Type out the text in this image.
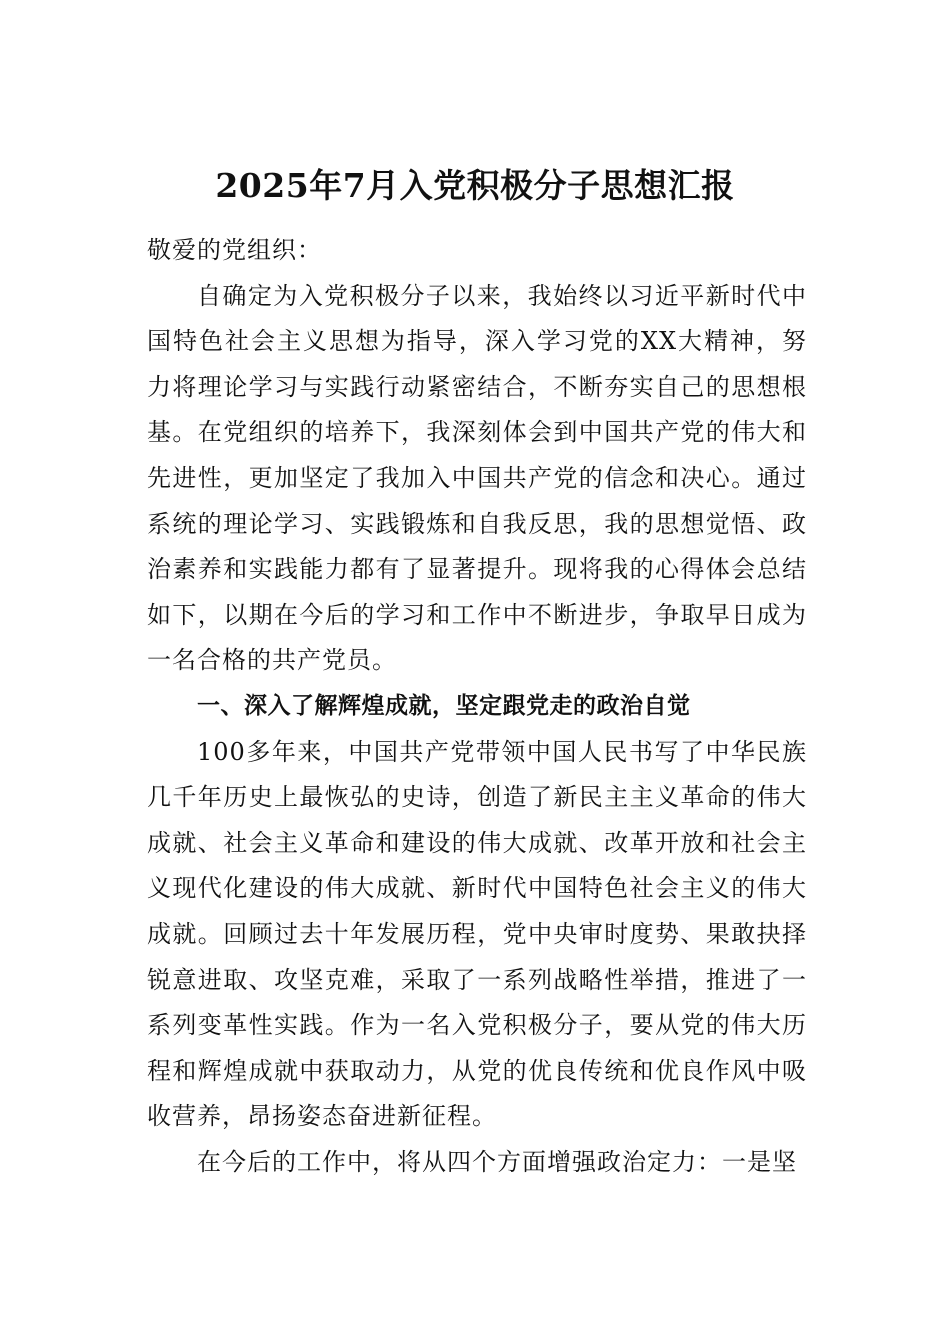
2025年7月入党积极分子思想汇报

敬爱的党组织：

自确定为入党积极分子以来，我始终以习近平新时代中国特色社会主义思想为指导，深入学习党的XX大精神，努力将理论学习与实践行动紧密结合，不断夯实自己的思想根基。在党组织的培养下，我深刻体会到中国共产党的伟大和先进性，更加坚定了我加入中国共产党的信念和决心。通过系统的理论学习、实践锻炼和自我反思，我的思想觉悟、政治素养和实践能力都有了显著提升。现将我的心得体会总结如下，以期在今后的学习和工作中不断进步，争取早日成为一名合格的共产党员。

一、深入了解辉煌成就，坚定跟党走的政治自觉

100多年来，中国共产党带领中国人民书写了中华民族几千年历史上最恢弘的史诗，创造了新民主主义革命的伟大成就、社会主义革命和建设的伟大成就、改革开放和社会主义现代化建设的伟大成就、新时代中国特色社会主义的伟大成就。回顾过去十年发展历程，党中央审时度势、果敢抉择锐意进取、攻坚克难，采取了一系列战略性举措，推进了一系列变革性实践。作为一名入党积极分子，要从党的伟大历程和辉煌成就中获取动力，从党的优良传统和优良作风中吸收营养，昂扬姿态奋进新征程。

在今后的工作中，将从四个方面增强政治定力：一是坚
